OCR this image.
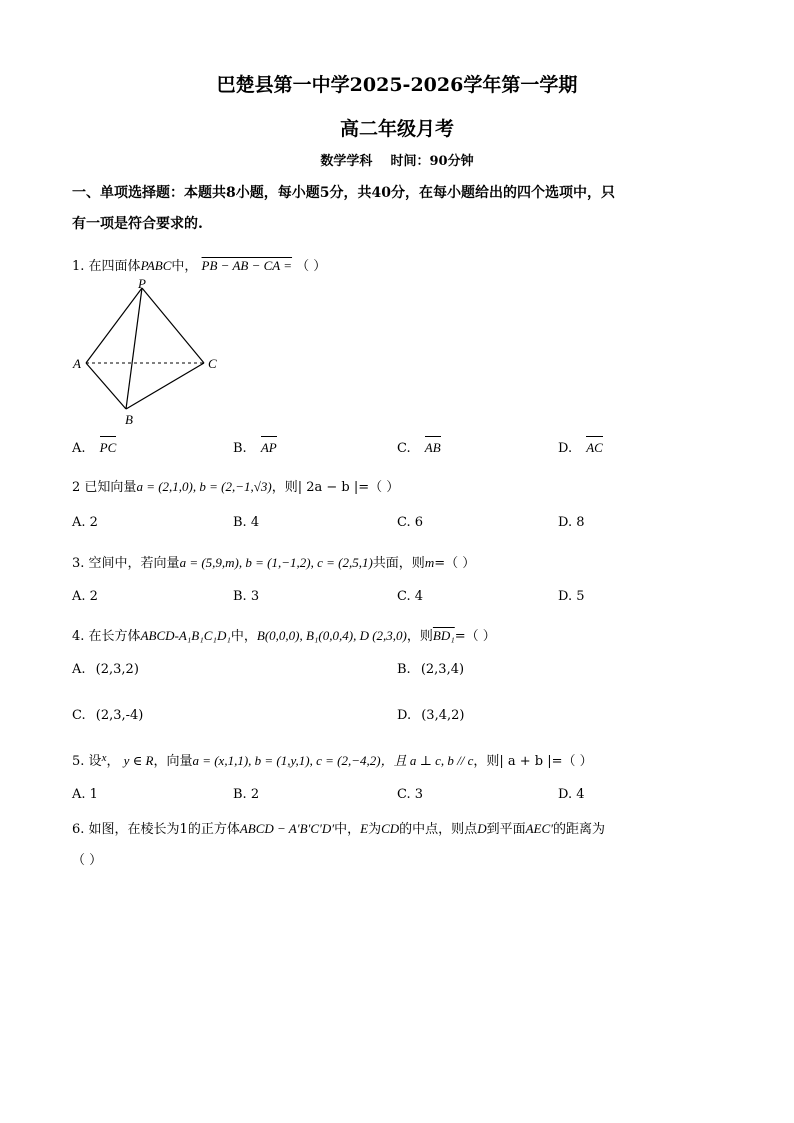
巴楚县第一中学2025-2026学年第一学期
高二年级月考
数学学科    时间：90分钟
一、单项选择题：本题共8小题，每小题5分，共40分，在每小题给出的四个选项中，只
有一项是符合要求的.
1. 在四面体PABC中， PB − AB − CA = （ ）
P
A
B
C
A. PC	B. AP	C. AB	D. AC
2 已知向量a = (2,1,0), b = (2,−1,√3)，则| 2a − b |=（ ）
A. 2	B. 4	C. 6	D. 8
3. 空间中，若向量a = (5,9,m), b = (1,−1,2), c = (2,5,1)共面，则m=（ ）
A. 2	B. 3	C. 4	D. 5
4. 在长方体ABCD-A₁B₁C₁D₁中，B(0,0,0), B₁(0,0,4), D (2,3,0)，则BD₁=（ ）
A. (2,3,2)	B. (2,3,4)
C. (2,3,-4)	D. (3,4,2)
5. 设$^x$， y ∈ R，向量a = (x,1,1), b = (1,y,1), c = (2,−4,2)，且 a ⊥ c, b // c，则| a + b |=（ ）
A. 1	B. 2	C. 3	D. 4
6. 如图，在棱长为1的正方体ABCD − A′B′C′D′中，E为CD的中点，则点D到平面AEC′的距离为
（ ）
